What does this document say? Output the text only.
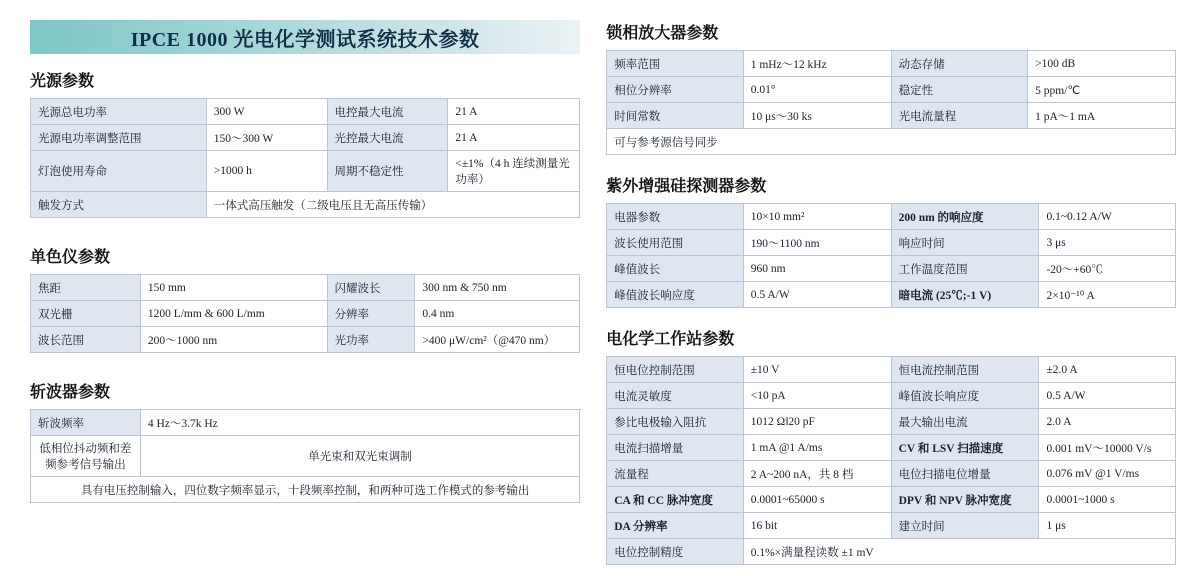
IPCE 1000 光电化学测试系统技术参数
光源参数
光源总电功率	300 W	电控最大电流	21 A
光源电功率调整范围	150～300 W	光控最大电流	21 A
灯泡使用寿命	>1000 h	周期不稳定性	<±1%（4 h 连续测量光功率）
触发方式	一体式高压触发（二级电压且无高压传输）		
单色仪参数
焦距	150 mm	闪耀波长	300 nm & 750 nm
双光栅	1200 L/mm & 600 L/mm	分辨率	0.4 nm
波长范围	200～1000 nm	光功率	>400 μW/cm²（@470 nm）
斩波器参数
斩波频率	4 Hz～3.7k Hz
低相位抖动频和差频参考信号输出	单光束和双光束调制
具有电压控制输入，四位数字频率显示，十段频率控制，和两种可选工作模式的参考输出	
锁相放大器参数
频率范围	1 mHz～12 kHz	动态存储	>100 dB
相位分辨率	0.01°	稳定性	5 ppm/℃
时间常数	10 μs～30 ks	光电流量程	1 pA～1 mA
可与参考源信号同步			
紫外增强硅探测器参数
电器参数	10×10 mm²	200 nm 的响应度	0.1~0.12 A/W
波长使用范围	190～1100 nm	响应时间	3 μs
峰值波长	960 nm	工作温度范围	-20～+60℃
峰值波长响应度	0.5 A/W	暗电流 (25℃;-1 V)	2×10⁻¹⁰ A
电化学工作站参数
恒电位控制范围	±10 V	恒电流控制范围	±2.0 A
电流灵敏度	<10 pA	峰值波长响应度	0.5 A/W
参比电极输入阻抗	1012 Ω‖20 pF	最大输出电流	2.0 A
电流扫描增量	1 mA @1 A/ms	CV 和 LSV 扫描速度	0.001 mV～10000 V/s
流量程	2 A~200 nA，共 8 档	电位扫描电位增量	0.076 mV @1 V/ms
CA 和 CC 脉冲宽度	0.0001~65000 s	DPV 和 NPV 脉冲宽度	0.0001~1000 s
DA 分辨率	16 bit	建立时间	1 μs
电位控制精度	0.1%×满量程读数 ±1 mV		
